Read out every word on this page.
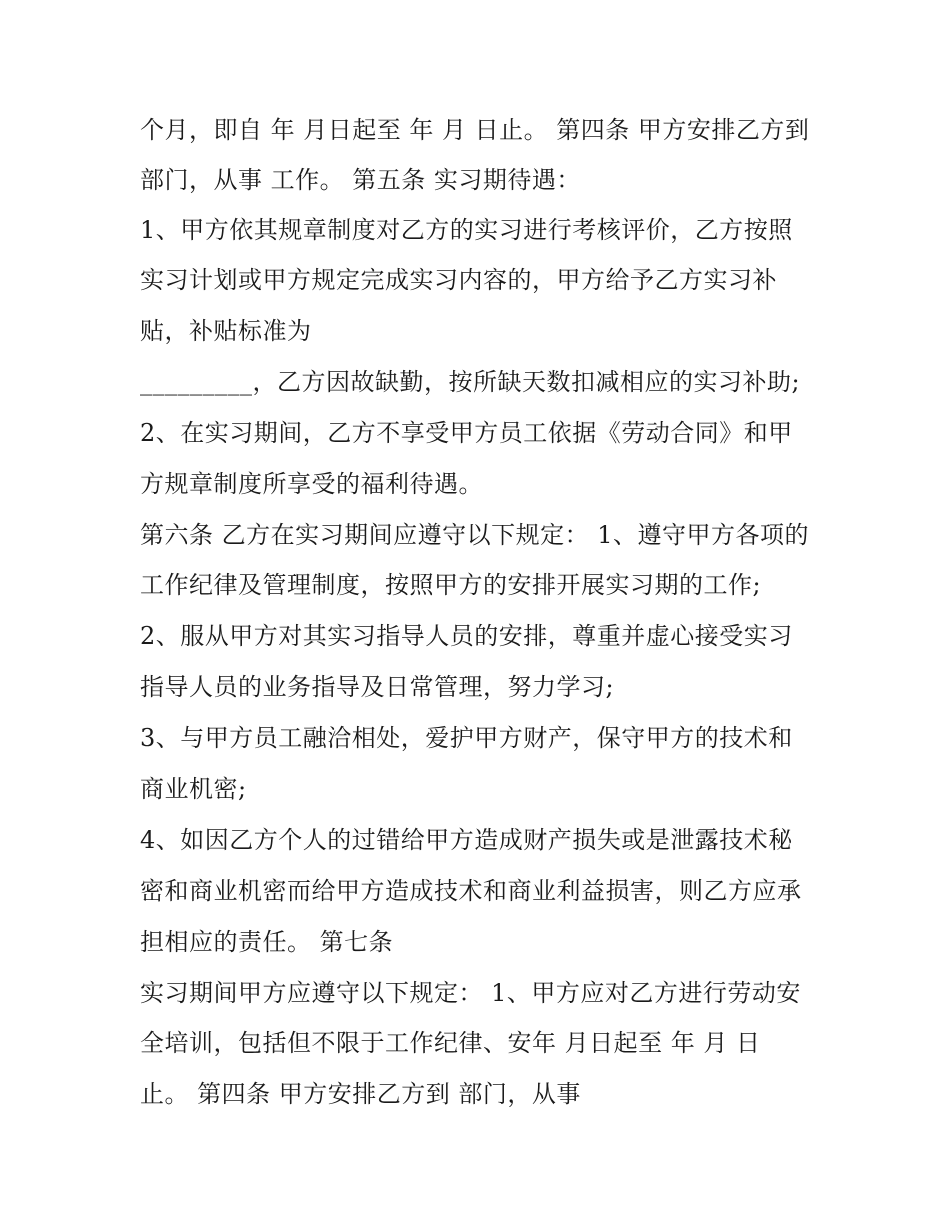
个月，即自 年 月日起至 年 月 日止。 第四条 甲方安排乙方到
部门，从事 工作。 第五条 实习期待遇：
1、甲方依其规章制度对乙方的实习进行考核评价，乙方按照
实习计划或甲方规定完成实习内容的，甲方给予乙方实习补
贴，补贴标准为
_________，乙方因故缺勤，按所缺天数扣减相应的实习补助;
2、在实习期间，乙方不享受甲方员工依据《劳动合同》和甲
方规章制度所享受的福利待遇。
第六条 乙方在实习期间应遵守以下规定： 1、遵守甲方各项的
工作纪律及管理制度，按照甲方的安排开展实习期的工作;
2、服从甲方对其实习指导人员的安排，尊重并虚心接受实习
指导人员的业务指导及日常管理，努力学习;
3、与甲方员工融洽相处，爱护甲方财产，保守甲方的技术和
商业机密;
4、如因乙方个人的过错给甲方造成财产损失或是泄露技术秘
密和商业机密而给甲方造成技术和商业利益损害，则乙方应承
担相应的责任。 第七条
实习期间甲方应遵守以下规定： 1、甲方应对乙方进行劳动安
全培训，包括但不限于工作纪律、安年 月日起至 年 月 日
止。 第四条 甲方安排乙方到 部门，从事
